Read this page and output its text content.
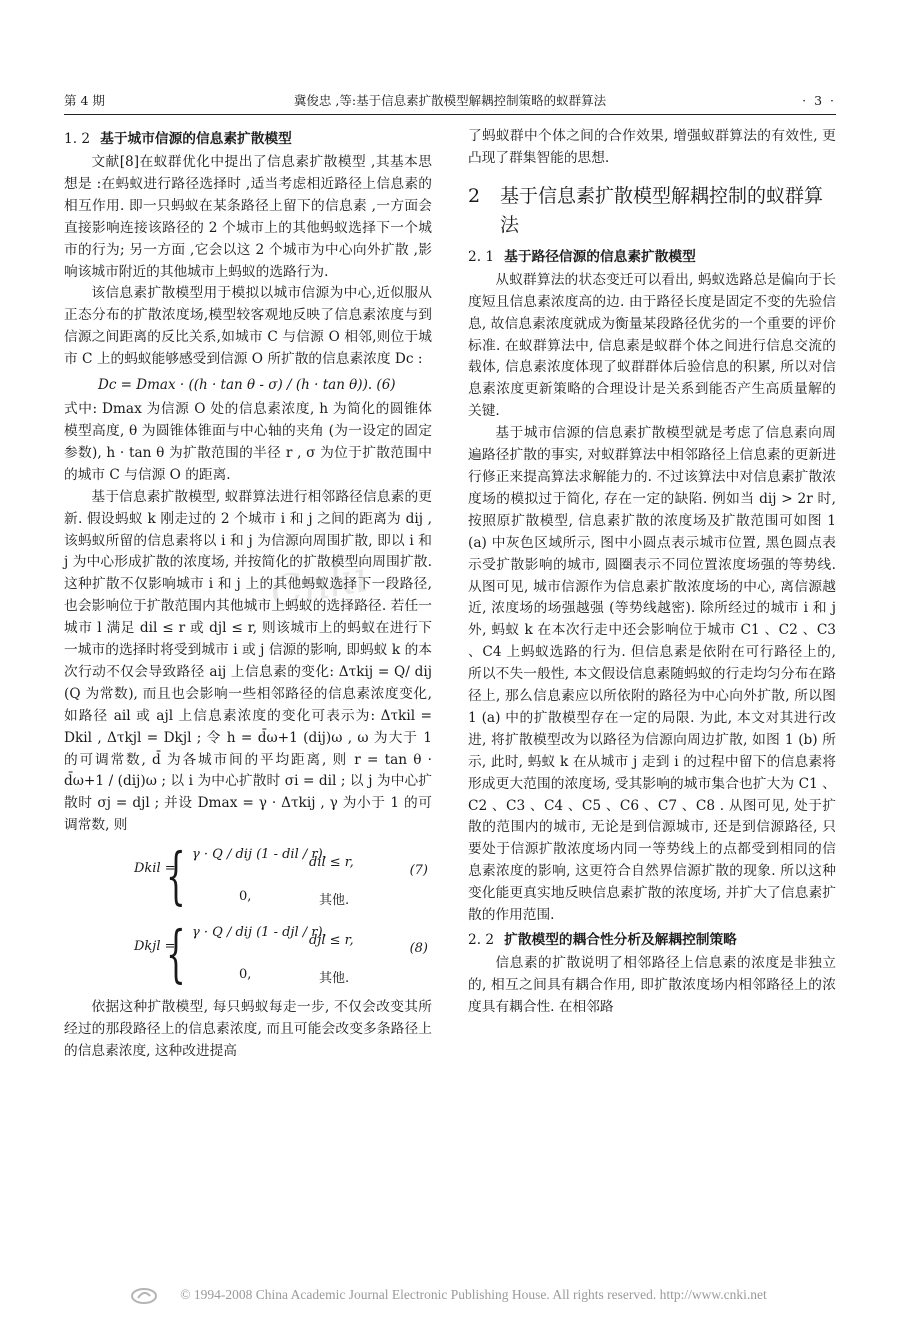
第 4 期	冀俊忠 ,等:基于信息素扩散模型解耦控制策略的蚁群算法	· 3 ·
Cnki
1. 2 基于城市信源的信息素扩散模型

文献[8]在蚁群优化中提出了信息素扩散模型 ,其基本思想是 :在蚂蚁进行路径选择时 ,适当考虑相近路径上信息素的相互作用. 即一只蚂蚁在某条路径上留下的信息素 ,一方面会直接影响连接该路径的 2 个城市上的其他蚂蚁选择下一个城市的行为; 另一方面 ,它会以这 2 个城市为中心向外扩散 ,影响该城市附近的其他城市上蚂蚁的选路行为.

该信息素扩散模型用于模拟以城市信源为中心,近似服从正态分布的扩散浓度场,模型较客观地反映了信息素浓度与到信源之间距离的反比关系,如城市 C 与信源 O 相邻,则位于城市 C 上的蚂蚁能够感受到信源 O 所扩散的信息素浓度 Dc :

Dc = Dmax · ((h · tan θ - σ) / (h · tan θ)). (6)

式中: Dmax 为信源 O 处的信息素浓度, h 为简化的圆锥体模型高度, θ 为圆锥体锥面与中心轴的夹角 (为一设定的固定参数), h · tan θ 为扩散范围的半径 r , σ 为位于扩散范围中的城市 C 与信源 O 的距离.

基于信息素扩散模型, 蚁群算法进行相邻路径信息素的更新. 假设蚂蚁 k 刚走过的 2 个城市 i 和 j 之间的距离为 dij , 该蚂蚁所留的信息素将以 i 和 j 为信源向周围扩散, 即以 i 和 j 为中心形成扩散的浓度场, 并按简化的扩散模型向周围扩散. 这种扩散不仅影响城市 i 和 j 上的其他蚂蚁选择下一段路径, 也会影响位于扩散范围内其他城市上蚂蚁的选择路径. 若任一城市 l 满足 dil ≤ r 或 djl ≤ r, 则该城市上的蚂蚁在进行下一城市的选择时将受到城市 i 或 j 信源的影响, 即蚂蚁 k 的本次行动不仅会导致路径 aij 上信息素的变化: Δτkij = Q/ dij (Q 为常数), 而且也会影响一些相邻路径的信息素浓度变化, 如路径 ail 或 ajl 上信息素浓度的变化可表示为: Δτkil = Dkil , Δτkjl = Dkjl ; 令 h = d̄ω+1 (dij)ω , ω 为大于 1 的可调常数, d̄ 为各城市间的平均距离, 则 r = tan θ · d̄ω+1 / (dij)ω ; 以 i 为中心扩散时 σi = dil ; 以 j 为中心扩散时 σj = djl ; 并设 Dmax = γ · Δτkij , γ 为小于 1 的可调常数, 则

Dkil =
{ γ · Q / dij (1 - dil / r),
dil ≤ r,
0,	其他.
(7)
Dkjl =
{ γ · Q / dij (1 - djl / r),
djl ≤ r,
0,	其他.
(8)

依据这种扩散模型, 每只蚂蚁每走一步, 不仅会改变其所经过的那段路径上的信息素浓度, 而且可能会改变多条路径上的信息素浓度, 这种改进提高

了蚂蚁群中个体之间的合作效果, 增强蚁群算法的有效性, 更凸现了群集智能的思想.

2	基于信息素扩散模型解耦控制的蚁群算法
2. 1 基于路径信源的信息素扩散模型

从蚁群算法的状态变迁可以看出, 蚂蚁选路总是偏向于长度短且信息素浓度高的边. 由于路径长度是固定不变的先验信息, 故信息素浓度就成为衡量某段路径优劣的一个重要的评价标准. 在蚁群算法中, 信息素是蚁群个体之间进行信息交流的载体, 信息素浓度体现了蚁群群体后验信息的积累, 所以对信息素浓度更新策略的合理设计是关系到能否产生高质量解的关键.

基于城市信源的信息素扩散模型就是考虑了信息素向周遍路径扩散的事实, 对蚁群算法中相邻路径上信息素的更新进行修正来提高算法求解能力的. 不过该算法中对信息素扩散浓度场的模拟过于简化, 存在一定的缺陷. 例如当 dij > 2r 时, 按照原扩散模型, 信息素扩散的浓度场及扩散范围可如图 1 (a) 中灰色区域所示, 图中小圆点表示城市位置, 黑色圆点表示受扩散影响的城市, 圆圈表示不同位置浓度场强的等势线. 从图可见, 城市信源作为信息素扩散浓度场的中心, 离信源越近, 浓度场的场强越强 (等势线越密). 除所经过的城市 i 和 j 外, 蚂蚁 k 在本次行走中还会影响位于城市 C1 、C2 、C3 、C4 上蚂蚁选路的行为. 但信息素是依附在可行路径上的, 所以不失一般性, 本文假设信息素随蚂蚁的行走均匀分布在路径上, 那么信息素应以所依附的路径为中心向外扩散, 所以图 1 (a) 中的扩散模型存在一定的局限. 为此, 本文对其进行改进, 将扩散模型改为以路径为信源向周边扩散, 如图 1 (b) 所示, 此时, 蚂蚁 k 在从城市 j 走到 i 的过程中留下的信息素将形成更大范围的浓度场, 受其影响的城市集合也扩大为 C1 、C2 、C3 、C4 、C5 、C6 、C7 、C8 . 从图可见, 处于扩散的范围内的城市, 无论是到信源城市, 还是到信源路径, 只要处于信源扩散浓度场内同一等势线上的点都受到相同的信息素浓度的影响, 这更符合自然界信源扩散的现象. 所以这种变化能更真实地反映信息素扩散的浓度场, 并扩大了信息素扩散的作用范围.

2. 2 扩散模型的耦合性分析及解耦控制策略

信息素的扩散说明了相邻路径上信息素的浓度是非独立的, 相互之间具有耦合作用, 即扩散浓度场内相邻路径上的浓度具有耦合性. 在相邻路

© 1994-2008 China Academic Journal Electronic Publishing House. All rights reserved. http://www.cnki.net
